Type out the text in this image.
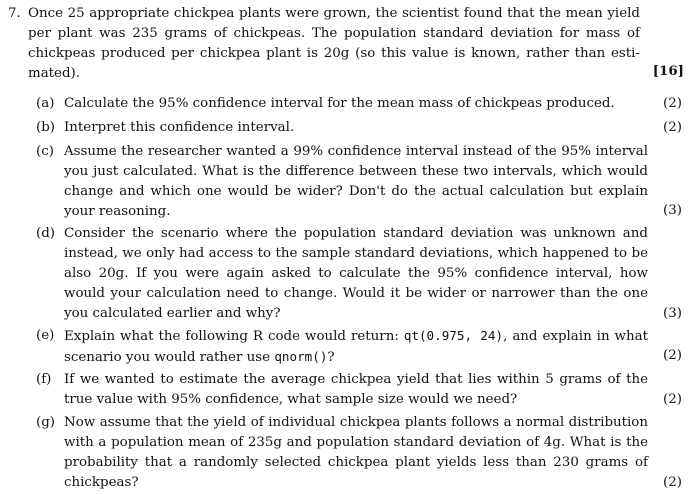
7. Once 25 appropriate chickpea plants were grown, the scientist found that the mean yield per plant was 235 grams of chickpeas. The population standard deviation for mass of chickpeas produced per chickpea plant is 20g (so this value is known, rather than esti-mated).	[16]
(a) Calculate the 95% confidence interval for the mean mass of chickpeas produced.	(2)
(b) Interpret this confidence interval.	(2)
(c) Assume the researcher wanted a 99% confidence interval instead of the 95% interval you just calculated. What is the difference between these two intervals, which would change and which one would be wider? Don't do the actual calculation but explain your reasoning.	(3)
(d) Consider the scenario where the population standard deviation was unknown and instead, we only had access to the sample standard deviations, which happened to be also 20g. If you were again asked to calculate the 95% confidence interval, how would your calculation need to change. Would it be wider or narrower than the one you calculated earlier and why?	(3)
(e) Explain what the following R code would return: qt(0.975, 24), and explain in what scenario you would rather use qnorm()?	(2)
(f) If we wanted to estimate the average chickpea yield that lies within 5 grams of the true value with 95% confidence, what sample size would we need?	(2)
(g) Now assume that the yield of individual chickpea plants follows a normal distribution with a population mean of 235g and population standard deviation of 4g. What is the probability that a randomly selected chickpea plant yields less than 230 grams of chickpeas?	(2)
